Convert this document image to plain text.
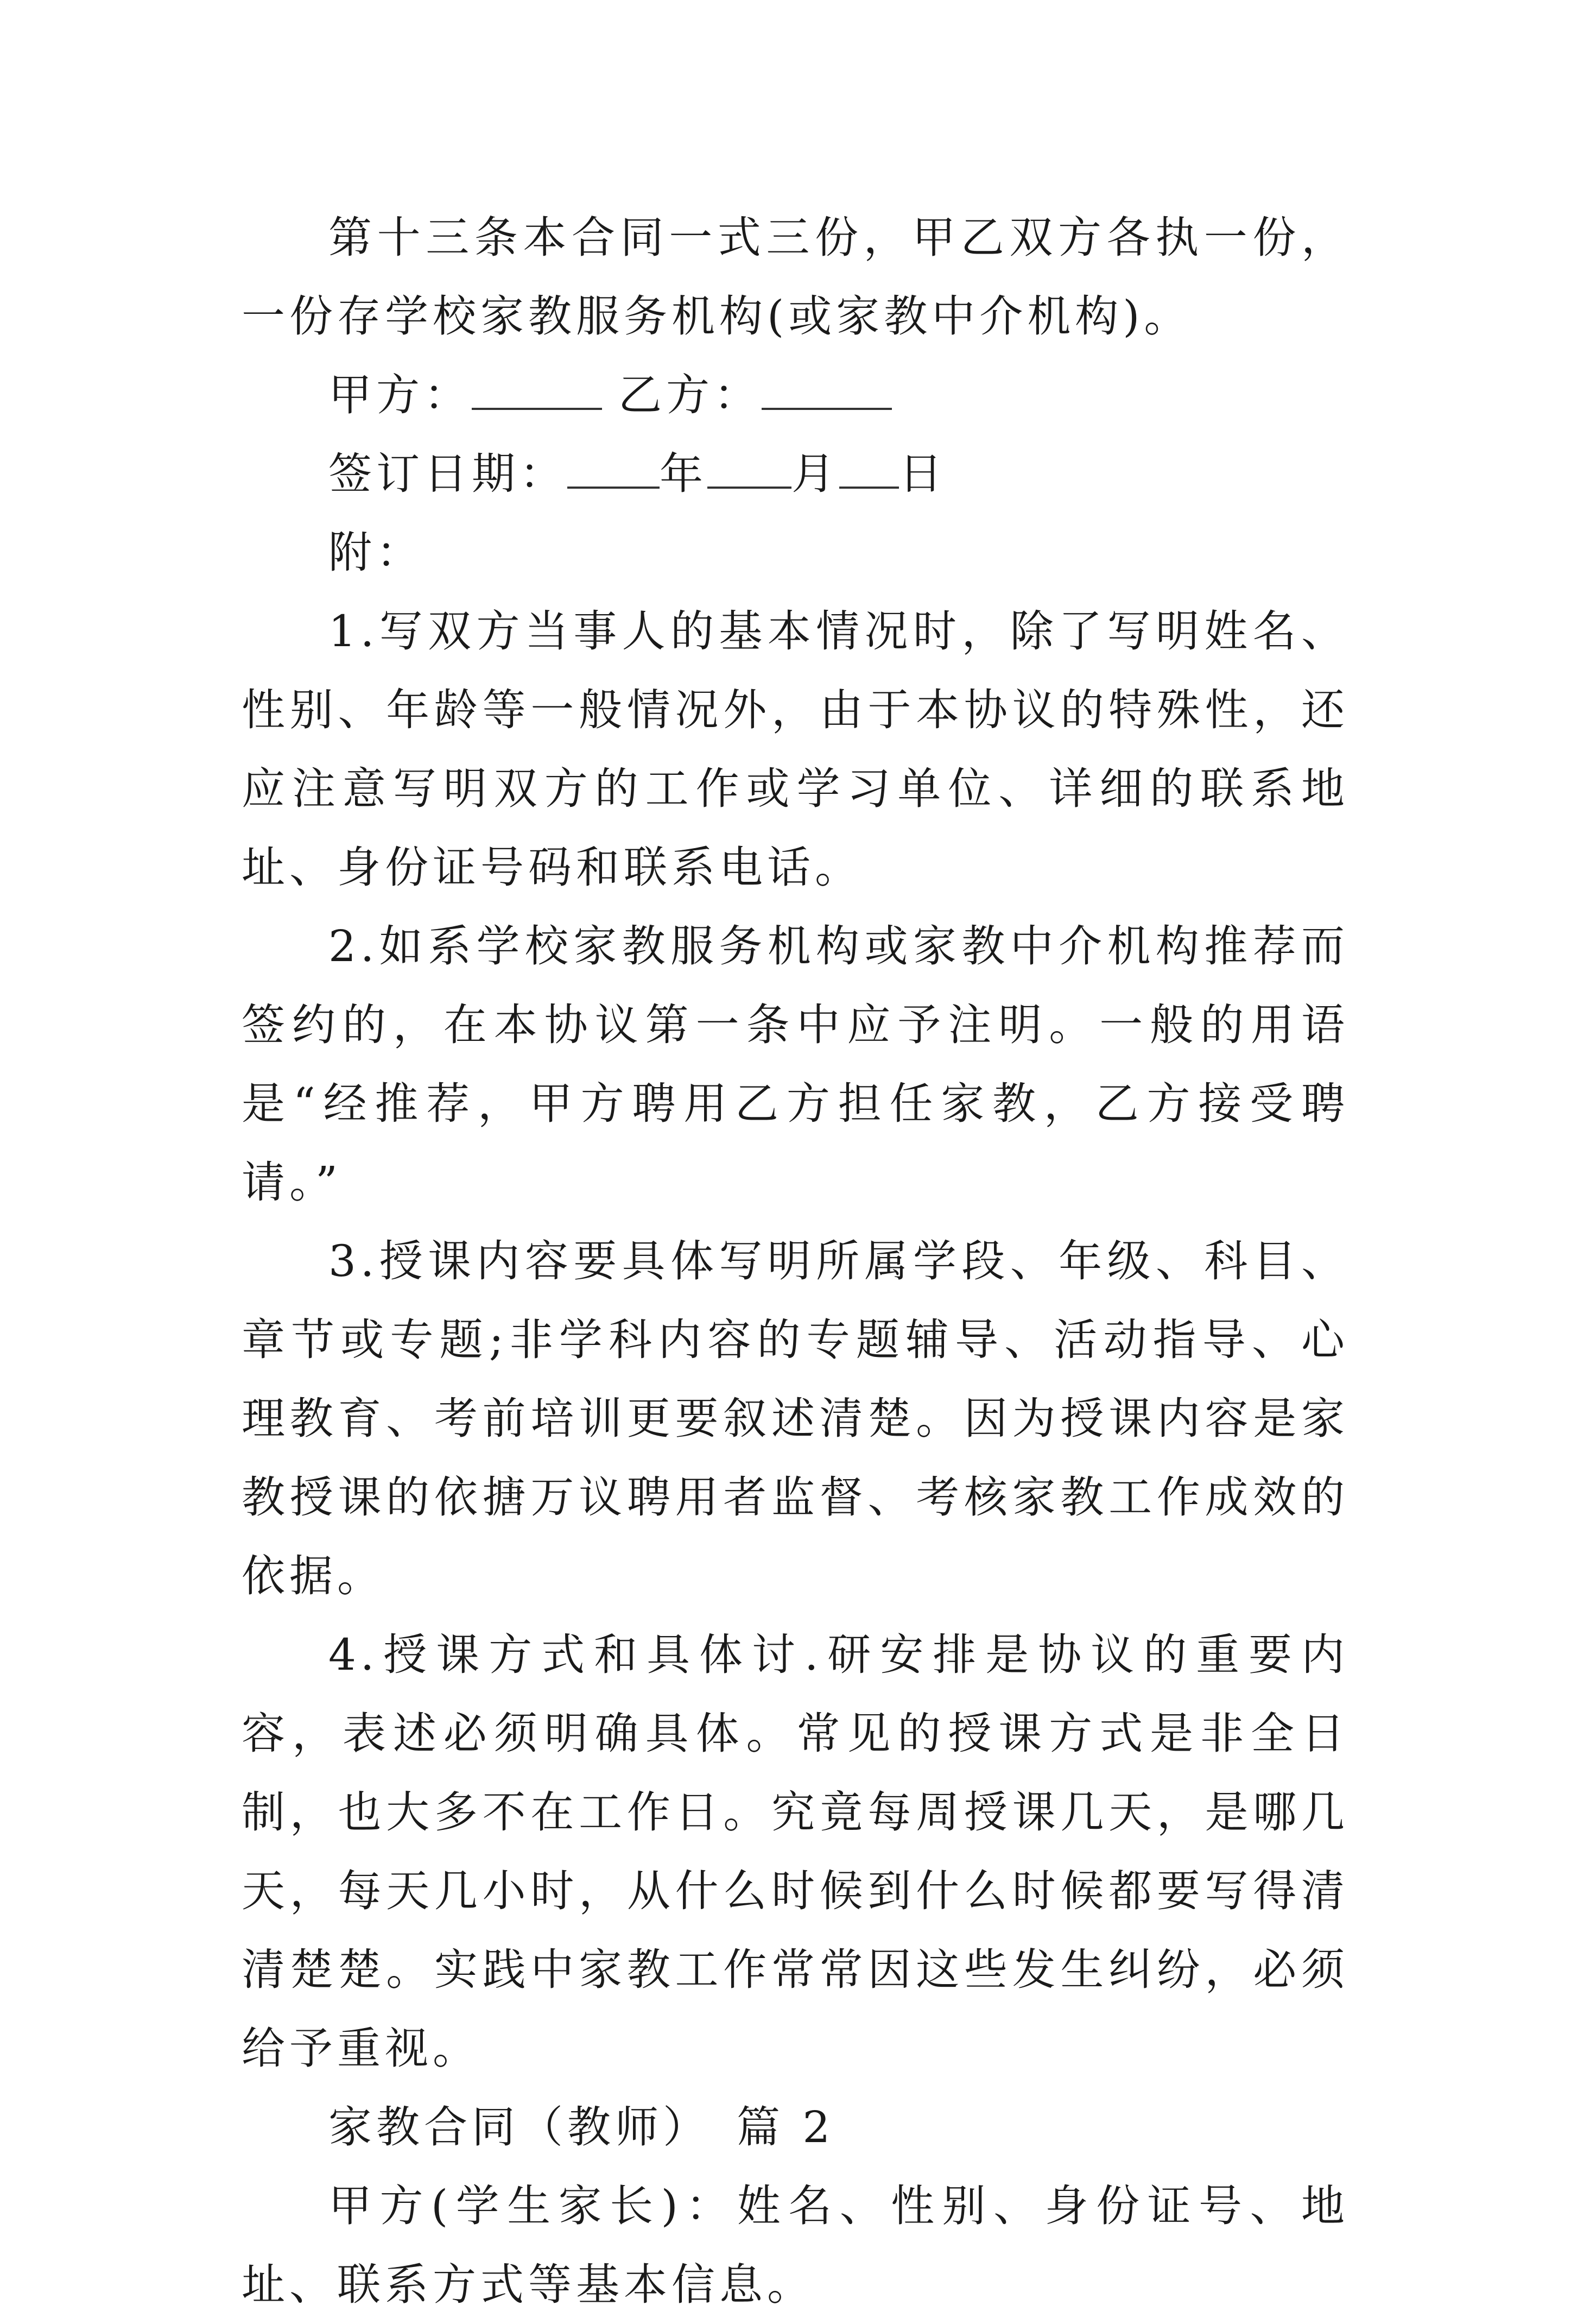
第十三条本合同一式三份，甲乙双方各执一份，一份存学校家教服务机构(或家教中介机构)。

甲方：	乙方：

签订日期： 年 月 日

附：

1.写双方当事人的基本情况时，除了写明姓名、性别、年龄等一般情况外，由于本协议的特殊性，还应注意写明双方的工作或学习单位、详细的联系地址、身份证号码和联系电话。

2.如系学校家教服务机构或家教中介机构推荐而签约的，在本协议第一条中应予注明。一般的用语是“经推荐，甲方聘用乙方担任家教，乙方接受聘请。”

3.授课内容要具体写明所属学段、年级、科目、章节或专题;非学科内容的专题辅导、活动指导、心理教育、考前培训更要叙述清楚。因为授课内容是家教授课的依搪万议聘用者监督、考核家教工作成效的依据。

4.授课方式和具体讨.研安排是协议的重要内容，表述必须明确具体。常见的授课方式是非全日制，也大多不在工作日。究竟每周授课几天，是哪几天，每天几小时，从什么时候到什么时候都要写得清清楚楚。实践中家教工作常常因这些发生纠纷，必须给予重视。

家教合同（教师）　篇 2

甲方(学生家长)：姓名、性别、身份证号、地址、联系方式等基本信息。
